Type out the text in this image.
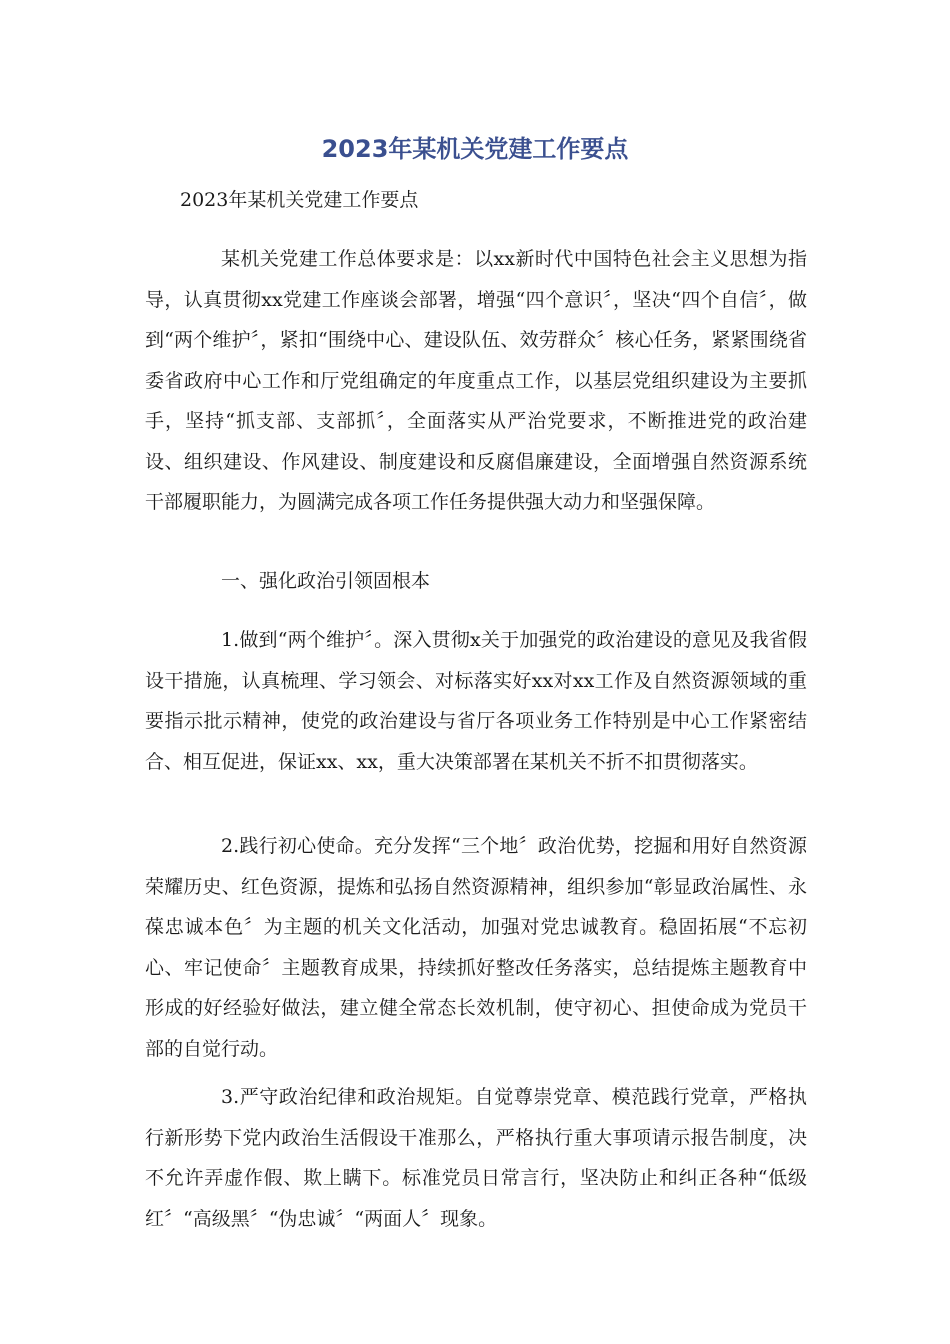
2023年某机关党建工作要点

2023年某机关党建工作要点

某机关党建工作总体要求是：以xx新时代中国特色社会主义思想为指导，认真贯彻xx党建工作座谈会部署，增强“四个意识〞，坚决“四个自信〞，做到“两个维护〞，紧扣“围绕中心、建设队伍、效劳群众〞核心任务，紧紧围绕省委省政府中心工作和厅党组确定的年度重点工作，以基层党组织建设为主要抓手，坚持“抓支部、支部抓〞，全面落实从严治党要求，不断推进党的政治建设、组织建设、作风建设、制度建设和反腐倡廉建设，全面增强自然资源系统干部履职能力，为圆满完成各项工作任务提供强大动力和坚强保障。

一、强化政治引领固根本

1.做到“两个维护〞。深入贯彻x关于加强党的政治建设的意见及我省假设干措施，认真梳理、学习领会、对标落实好xx对xx工作及自然资源领域的重要指示批示精神，使党的政治建设与省厅各项业务工作特别是中心工作紧密结合、相互促进，保证xx、xx，重大决策部署在某机关不折不扣贯彻落实。

2.践行初心使命。充分发挥“三个地〞政治优势，挖掘和用好自然资源荣耀历史、红色资源，提炼和弘扬自然资源精神，组织参加“彰显政治属性、永葆忠诚本色〞为主题的机关文化活动，加强对党忠诚教育。稳固拓展“不忘初心、牢记使命〞主题教育成果，持续抓好整改任务落实，总结提炼主题教育中形成的好经验好做法，建立健全常态长效机制，使守初心、担使命成为党员干部的自觉行动。

3.严守政治纪律和政治规矩。自觉尊崇党章、模范践行党章，严格执行新形势下党内政治生活假设干准那么，严格执行重大事项请示报告制度，决不允许弄虚作假、欺上瞒下。标准党员日常言行，坚决防止和纠正各种“低级红〞“高级黑〞“伪忠诚〞“两面人〞现象。
